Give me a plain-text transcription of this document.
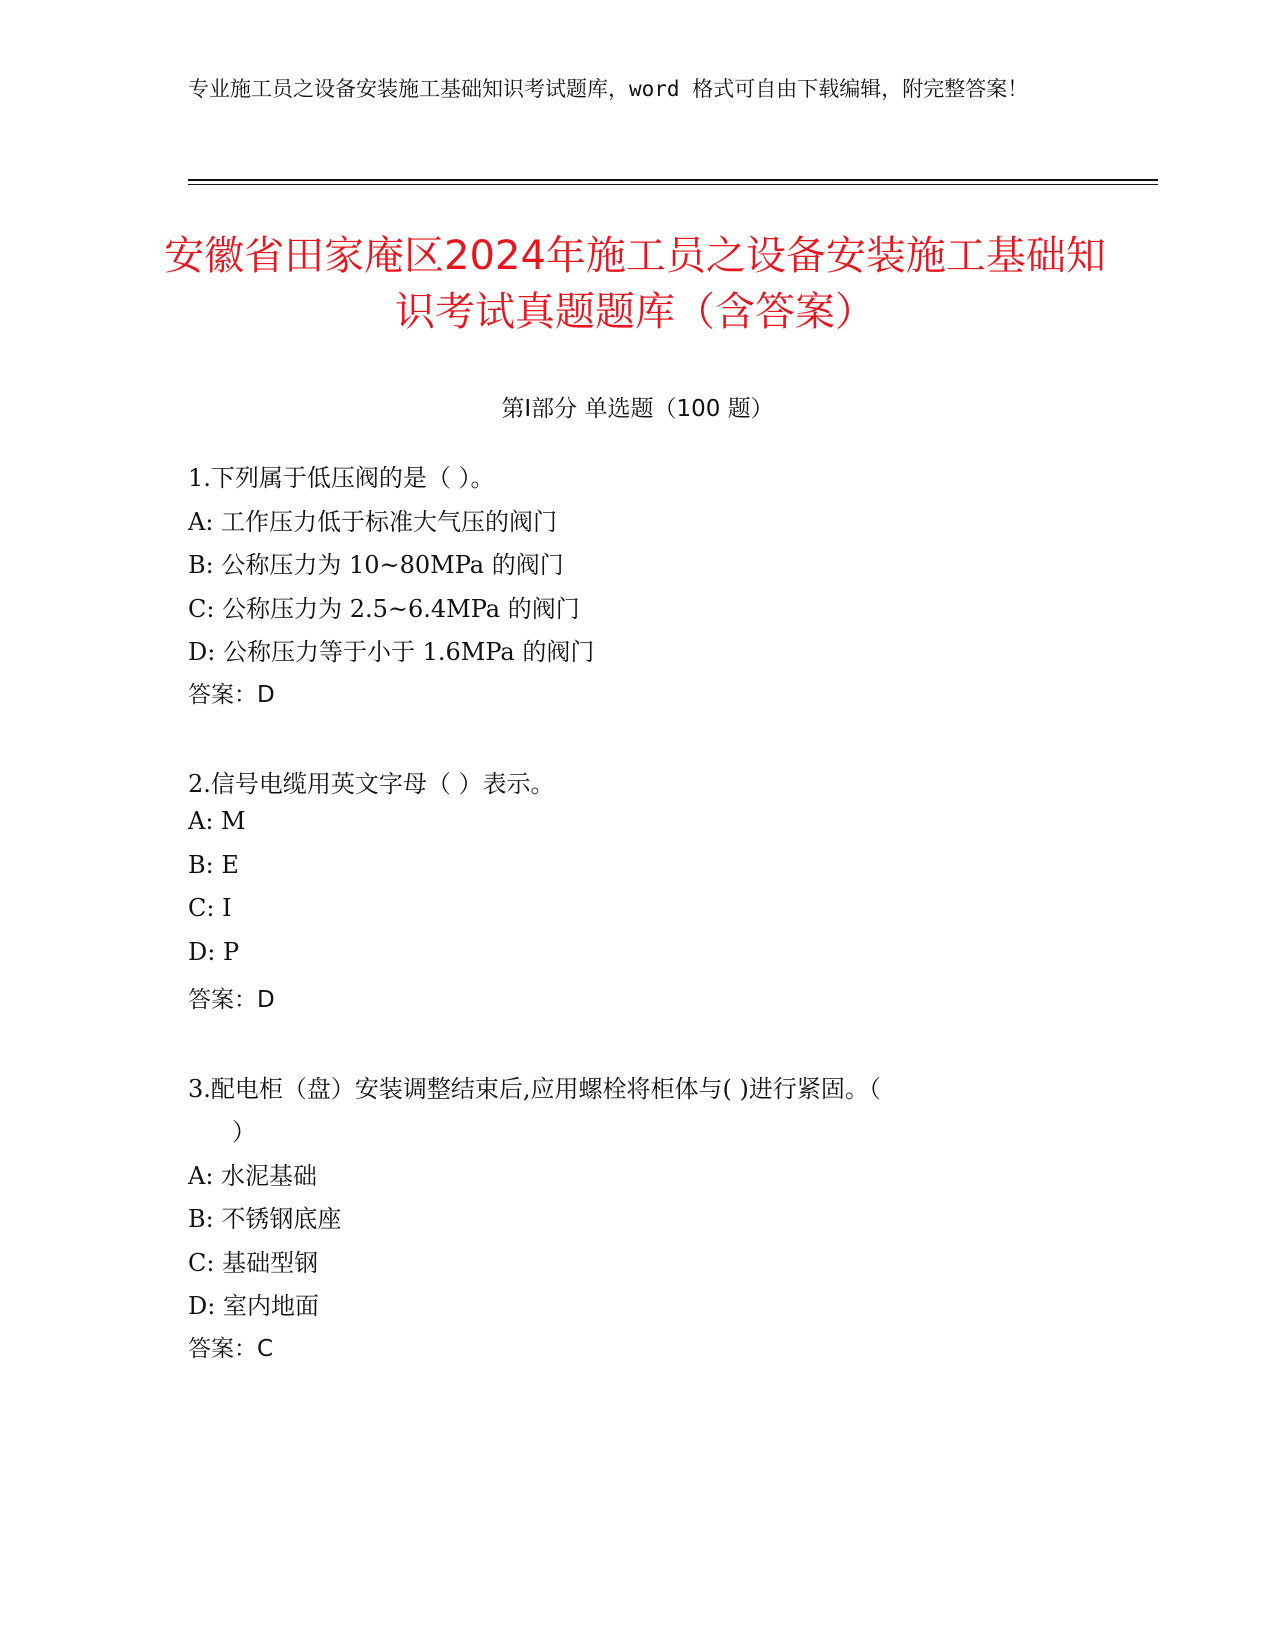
专业施工员之设备安装施工基础知识考试题库，word 格式可自由下载编辑，附完整答案！
安徽省田家庵区2024年施工员之设备安装施工基础知识考试真题题库（含答案）
第Ⅰ部分 单选题（100 题）
1.下列属于低压阀的是（ ）。
A: 工作压力低于标准大气压的阀门
B: 公称压力为 10~80MPa 的阀门
C: 公称压力为 2.5~6.4MPa 的阀门
D: 公称压力等于小于 1.6MPa 的阀门
答案：D
2.信号电缆用英文字母（ ）表示。
A: M
B: E
C: I
D: P
答案：D
3.配电柜（盘）安装调整结束后,应用螺栓将柜体与( )进行紧固。（
）
A: 水泥基础
B: 不锈钢底座
C: 基础型钢
D: 室内地面
答案：C
